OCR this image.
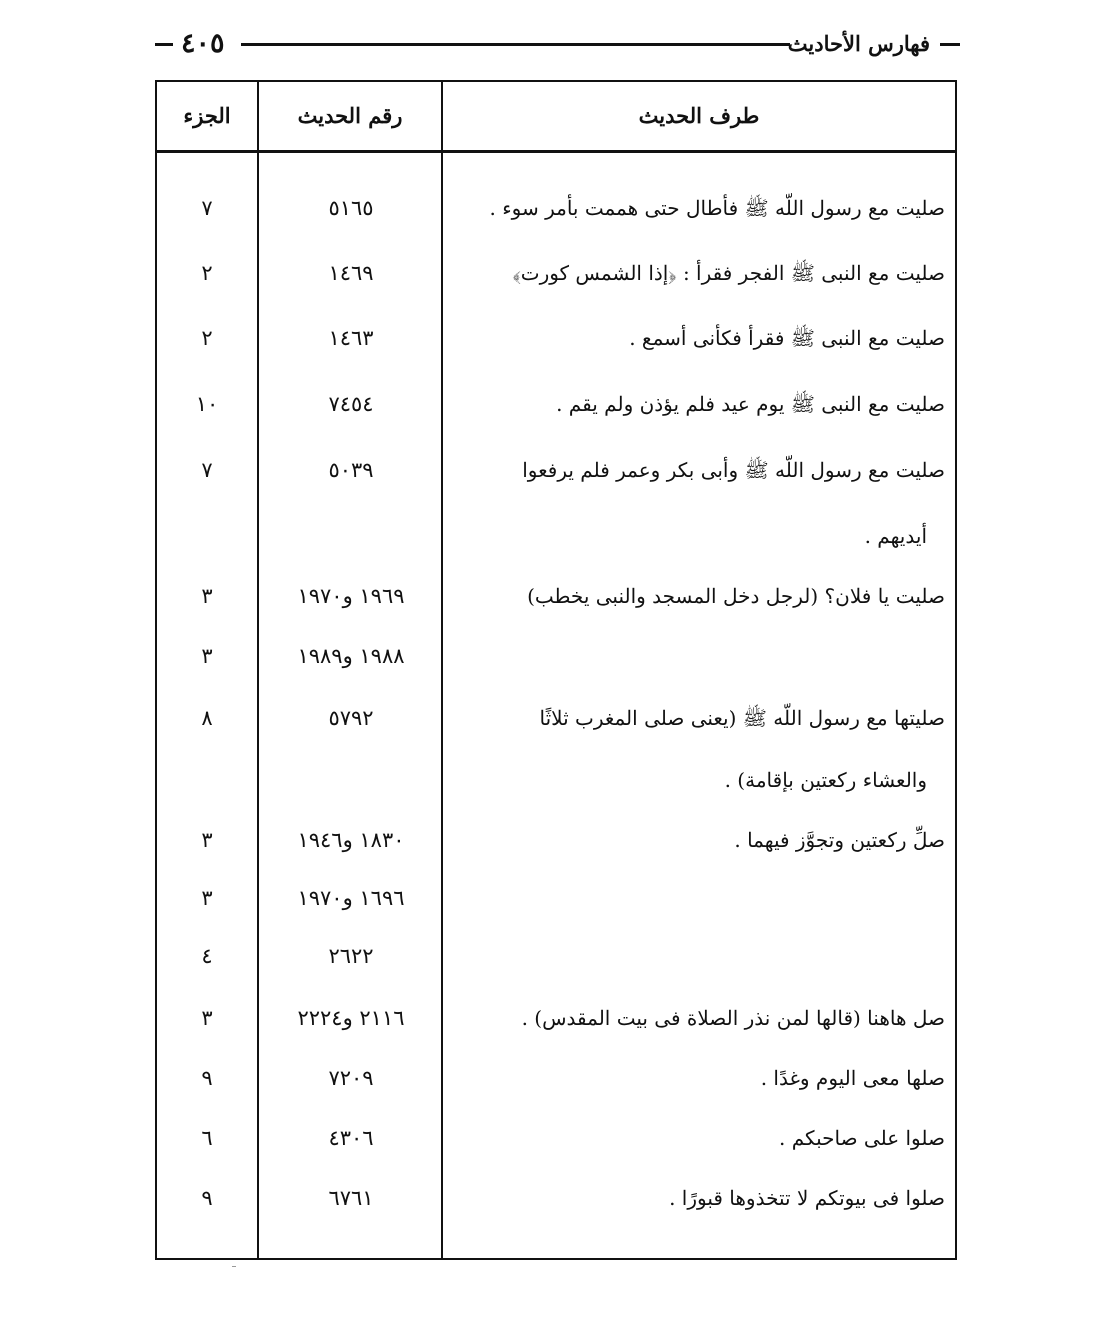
٤٠٥	فهارس الأحاديث
طرف الحديث
رقم الحديث
الجزء
صليت مع رسول اللّه ﷺ فأطال حتى هممت بأمر سوء .
٥١٦٥
٧
صليت مع النبى ﷺ الفجر فقرأ : ﴿إذا الشمس كورت﴾
١٤٦٩
٢
صليت مع النبى ﷺ فقرأ فكأنى أسمع .
١٤٦٣
٢
صليت مع النبى ﷺ يوم عيد فلم يؤذن ولم يقم .
٧٤٥٤
١٠
صليت مع رسول اللّه ﷺ وأبى بكر وعمر فلم يرفعوا
٥٠٣٩
٧
أيديهم .
صليت يا فلان؟ (لرجل دخل المسجد والنبى يخطب)
١٩٦٩ و١٩٧٠
٣
١٩٨٨ و١٩٨٩
٣
صليتها مع رسول اللّه ﷺ (يعنى صلى المغرب ثلاثًا
٥٧٩٢
٨
والعشاء ركعتين بإقامة) .
صلِّ ركعتين وتجوَّز فيهما .
١٨٣٠ و١٩٤٦
٣
١٦٩٦ و١٩٧٠
٣
٢٦٢٢
٤
صل هاهنا (قالها لمن نذر الصلاة فى بيت المقدس) .
٢١١٦ و٢٢٢٤
٣
صلها معى اليوم وغدًا .
٧٢٠٩
٩
صلوا على صاحبكم .
٤٣٠٦
٦
صلوا فى بيوتكم لا تتخذوها قبورًا .
٦٧٦١
٩
